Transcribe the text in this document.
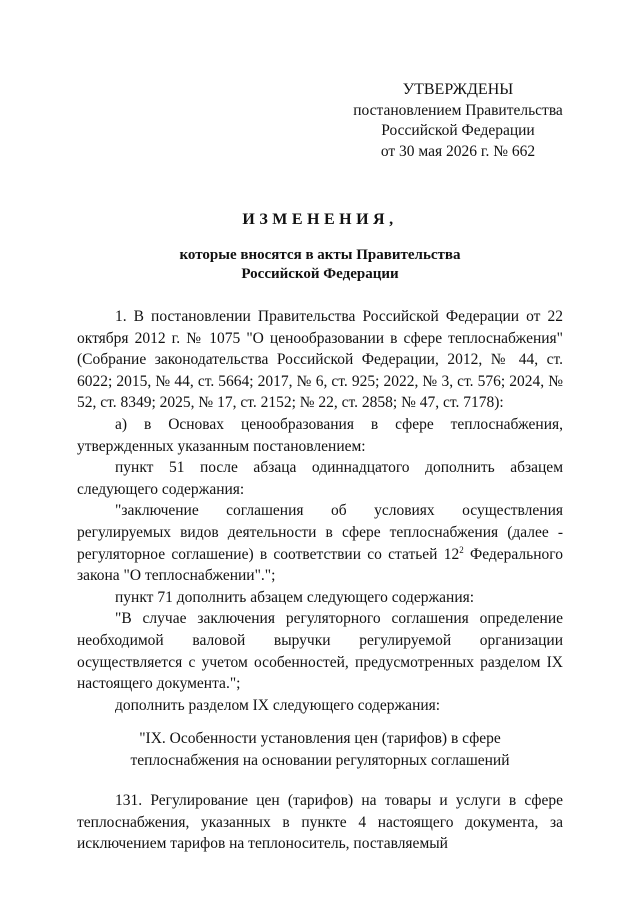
УТВЕРЖДЕНЫ
постановлением Правительства
Российской Федерации
от 30 мая 2026 г. № 662
ИЗМЕНЕНИЯ,
которые вносятся в акты Правительства
Российской Федерации

1. В постановлении Правительства Российской Федерации от 22 октября 2012 г. № 1075 "О ценообразовании в сфере теплоснабжения" (Собрание законодательства Российской Федерации, 2012, № 44, ст. 6022; 2015, № 44, ст. 5664; 2017, № 6, ст. 925; 2022, № 3, ст. 576; 2024, № 52, ст. 8349; 2025, № 17, ст. 2152; № 22, ст. 2858; № 47, ст. 7178):

а) в Основах ценообразования в сфере теплоснабжения, утвержденных указанным постановлением:

пункт 51 после абзаца одиннадцатого дополнить абзацем следующего содержания:

"заключение соглашения об условиях осуществления регулируемых видов деятельности в сфере теплоснабжения (далее - регуляторное соглашение) в соответствии со статьей $12^2$ Федерального закона "О теплоснабжении".";

пункт 71 дополнить абзацем следующего содержания:

"В случае заключения регуляторного соглашения определение необходимой валовой выручки регулируемой организации осуществляется с учетом особенностей, предусмотренных разделом IX настоящего документа.";

дополнить разделом IX следующего содержания:

"IX. Особенности установления цен (тарифов) в сфере
теплоснабжения на основании регуляторных соглашений

131. Регулирование цен (тарифов) на товары и услуги в сфере теплоснабжения, указанных в пункте 4 настоящего документа, за исключением тарифов на теплоноситель, поставляемый
